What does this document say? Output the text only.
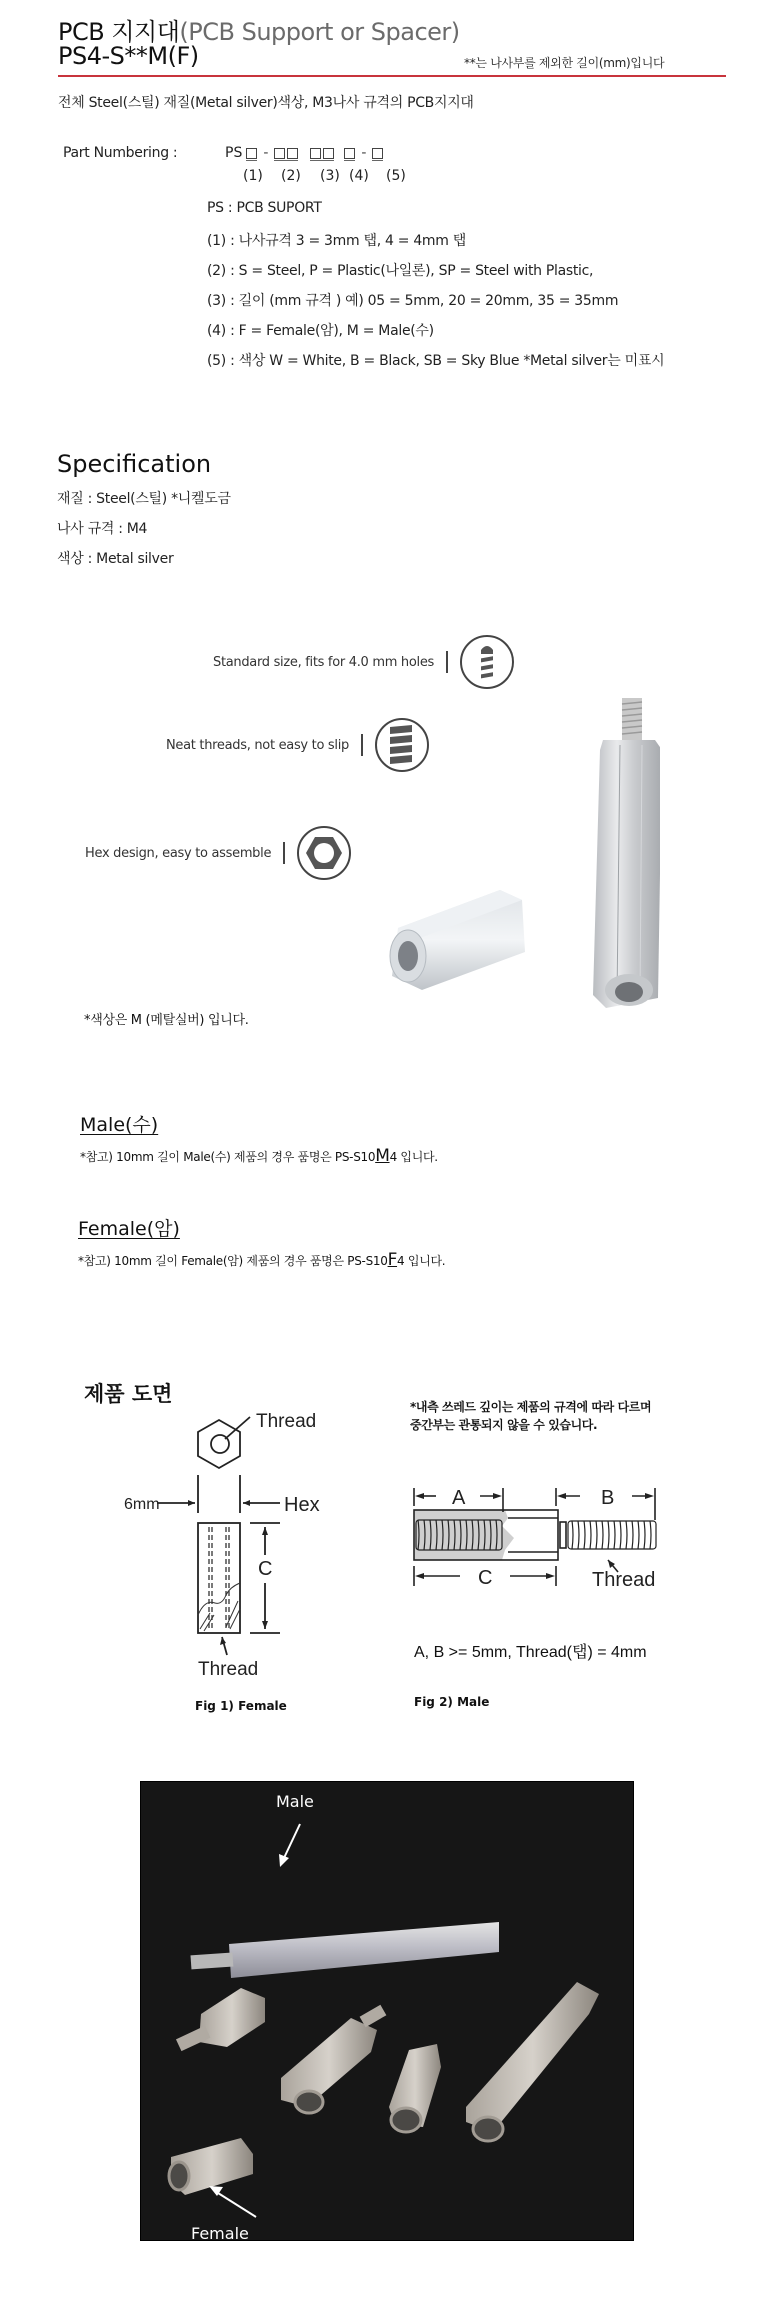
PCB 지지대(PCB Support or Spacer)
PS4-S**M(F)	**는 나사부를 제외한 길이(mm)입니다
전체 Steel(스틸) 재질(Metal silver)색상, M3나사 규격의 PCB지지대
Part Numbering :	PS -	-
(1) (2) (3) (4) (5)
PS : PCB SUPORT
(1) : 나사규격 3 = 3mm 탭, 4 = 4mm 탭
(2) : S = Steel, P = Plastic(나일론), SP = Steel with Plastic,
(3) : 길이 (mm 규격 ) 예) 05 = 5mm, 20 = 20mm, 35 = 35mm
(4) : F = Female(암), M = Male(수)
(5) : 색상 W = White, B = Black, SB = Sky Blue *Metal silver는 미표시
Specification
재질 : Steel(스틸) *니켈도금
나사 규격 : M4
색상 : Metal silver
Standard size, fits for 4.0 mm holes
Neat threads, not easy to slip
Hex design, easy to assemble
*색상은 M (메탈실버) 입니다.
Male(수)
*참고) 10mm 길이 Male(수) 제품의 경우 품명은 PS-S10M4 입니다.
Female(암)
*참고) 10mm 길이 Female(암) 제품의 경우 품명은 PS-S10F4 입니다.
제품 도면
*내측 쓰레드 깊이는 제품의 규격에 따라 다르며
중간부는 관통되지 않을 수 있습니다.
Thread
6mm	Hex
C
Thread
Fig 1) Female
A	B
C	Thread
A, B >= 5mm, Thread(탭) = 4mm
Fig 2) Male
Male
Female
